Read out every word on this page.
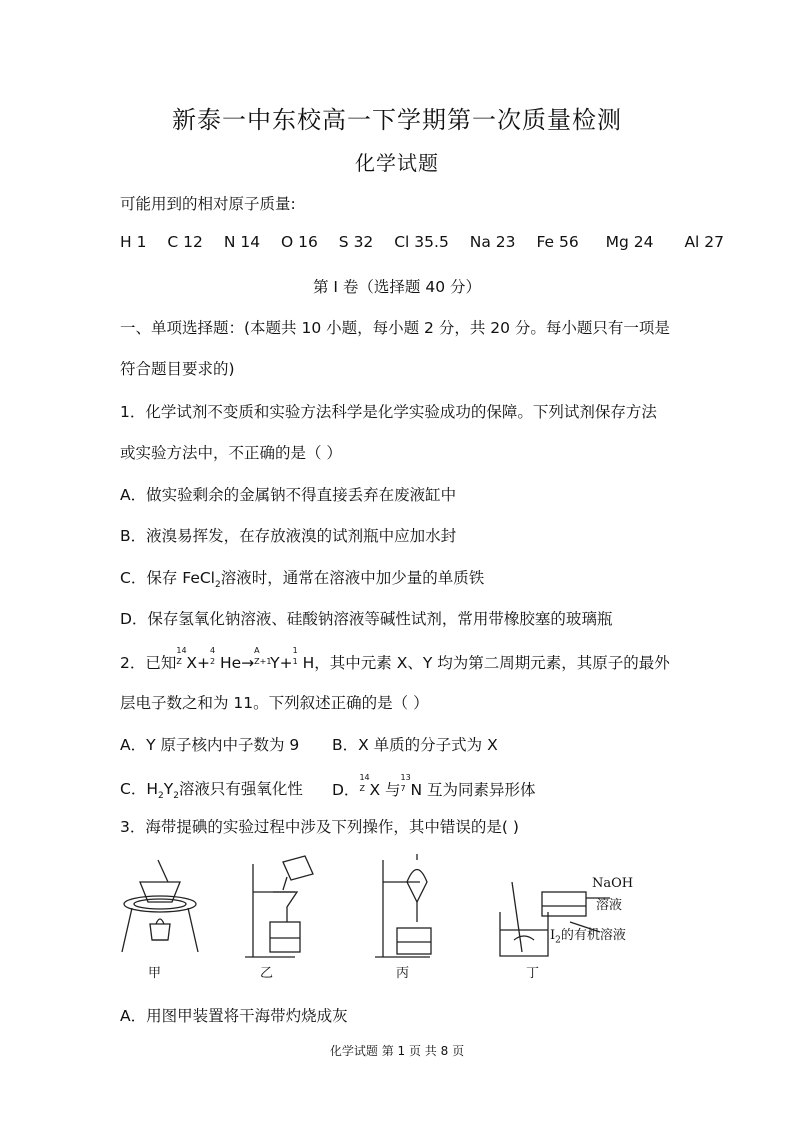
新泰一中东校高一下学期第一次质量检测
化学试题
可能用到的相对原子质量:
H 1 C 12 N 14 O 16 S 32 Cl 35.5 Na 23 Fe 56 Mg 24 Al 27
第 I 卷（选择题 40 分）
一、单项选择题：(本题共 10 小题，每小题 2 分，共 20 分。每小题只有一项是
符合题目要求的)
1．化学试剂不变质和实验方法科学是化学实验成功的保障。下列试剂保存方法
或实验方法中，不正确的是（ ）
A．做实验剩余的金属钠不得直接丢弃在废液缸中
B．液溴易挥发，在存放液溴的试剂瓶中应加水封
C．保存 FeCl$_2$溶液时，通常在溶液中加少量的单质铁
D．保存氢氧化钠溶液、硅酸钠溶液等碱性试剂，常用带橡胶塞的玻璃瓶
2．已知
14
Z X+
4
2 He→
A
Z+1
Y+
1
1 H，其中元素 X、Y 均为第二周期元素，其原子的最外
层电子数之和为 11。下列叙述正确的是（ ）
A．Y 原子核内中子数为 9 B．X 单质的分子式为 X
C．$H_2Y_2$溶液只有强氧化性 D．
14
Z X 与
13
7 N 互为同素异形体
3．海带提碘的实验过程中涉及下列操作，其中错误的是( )
甲	乙	丙	丁
NaOH
溶液
$I_2$的有机溶液
A．用图甲装置将干海带灼烧成灰
化学试题 第 1 页 共 8 页
